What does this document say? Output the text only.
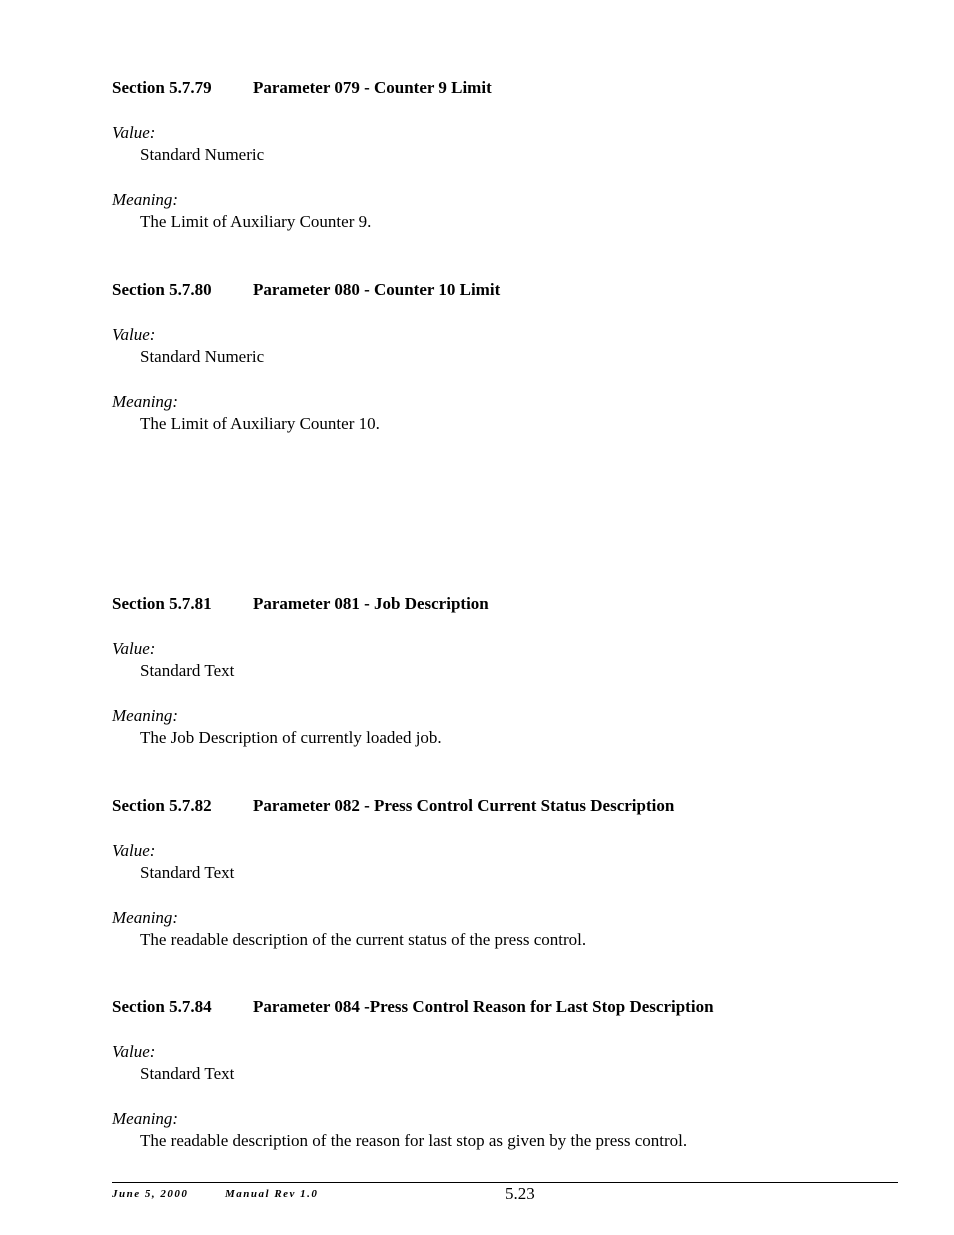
Section 5.7.79 Parameter 079 - Counter 9 Limit
Value:
Standard Numeric
Meaning:
The Limit of Auxiliary Counter 9.
Section 5.7.80 Parameter 080 - Counter 10 Limit
Value:
Standard Numeric
Meaning:
The Limit of Auxiliary Counter 10.
Section 5.7.81 Parameter 081 - Job Description
Value:
Standard Text
Meaning:
The Job Description of currently loaded job.
Section 5.7.82 Parameter 082 - Press Control Current Status Description
Value:
Standard Text
Meaning:
The readable description of the current status of the press control.
Section 5.7.84 Parameter 084 -Press Control Reason for Last Stop Description
Value:
Standard Text
Meaning:
The readable description of the reason for last stop as given by the press control.
June 5, 2000	Manual Rev 1.0	5.23
